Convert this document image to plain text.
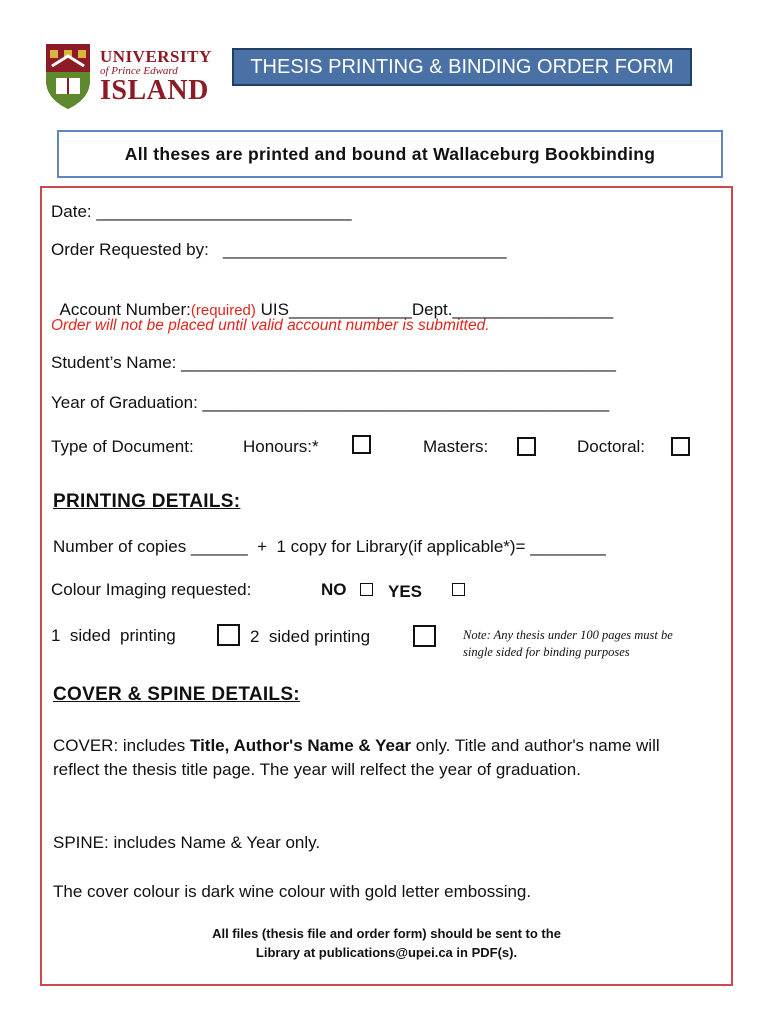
UNIVERSITY
of Prince Edward
ISLAND
THESIS PRINTING & BINDING ORDER FORM
All theses are printed and bound at Wallaceburg Bookbinding
Date: ___________________________
Order Requested by:   ______________________________

Account Number:(required) UIS_____________Dept._________________

Order will not be placed until valid account number is submitted.
Student’s Name: ______________________________________________
Year of Graduation: ___________________________________________
Type of Document:	Honours:*	Masters:	Doctoral:
PRINTING DETAILS:
Number of copies ______  +  1 copy for Library(if applicable*)= ________
Colour Imaging requested:	NO YES
1  sided  printing	2  sided printing	Note: Any thesis under 100 pages must be
single sided for binding purposes
COVER & SPINE DETAILS:
COVER: includes Title, Author's Name & Year only. Title and author's name will reflect the thesis title page. The year will relfect the year of graduation.
SPINE: includes Name & Year only.
The cover colour is dark wine colour with gold letter embossing.
All files (thesis file and order form) should be sent to the
Library at publications@upei.ca in PDF(s).
